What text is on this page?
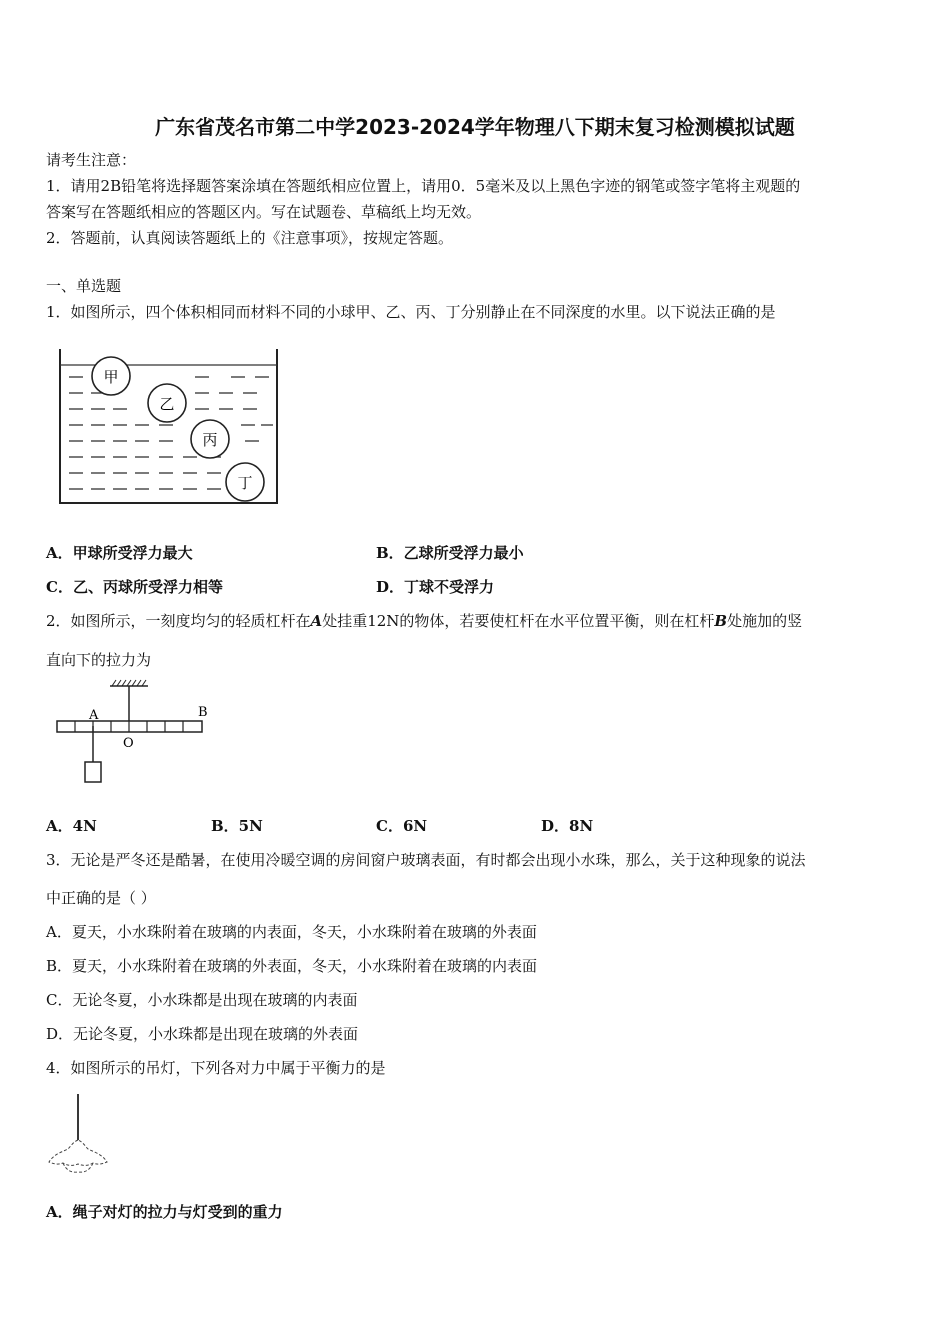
广东省茂名市第二中学2023-2024学年物理八下期末复习检测模拟试题
请考生注意：
1．请用2B铅笔将选择题答案涂填在答题纸相应位置上，请用0．5毫米及以上黑色字迹的钢笔或签字笔将主观题的
答案写在答题纸相应的答题区内。写在试题卷、草稿纸上均无效。
2．答题前，认真阅读答题纸上的《注意事项》，按规定答题。
一、单选题
1．如图所示，四个体积相同而材料不同的小球甲、乙、丙、丁分别静止在不同深度的水里。以下说法正确的是
甲
乙
丙
丁
A．甲球所受浮力最大	B．乙球所受浮力最小
C．乙、丙球所受浮力相等	D．丁球不受浮力
2．如图所示，一刻度均匀的轻质杠杆在A处挂重12N的物体，若要使杠杆在水平位置平衡，则在杠杆B处施加的竖
直向下的拉力为
A	B
O
A．4N	B．5N	C．6N	D．8N
3．无论是严冬还是酷暑，在使用冷暖空调的房间窗户玻璃表面，有时都会出现小水珠，那么，关于这种现象的说法
中正确的是（ ）
A．夏天，小水珠附着在玻璃的内表面，冬天，小水珠附着在玻璃的外表面
B．夏天，小水珠附着在玻璃的外表面，冬天，小水珠附着在玻璃的内表面
C．无论冬夏，小水珠都是出现在玻璃的内表面
D．无论冬夏，小水珠都是出现在玻璃的外表面
4．如图所示的吊灯，下列各对力中属于平衡力的是
A．绳子对灯的拉力与灯受到的重力
